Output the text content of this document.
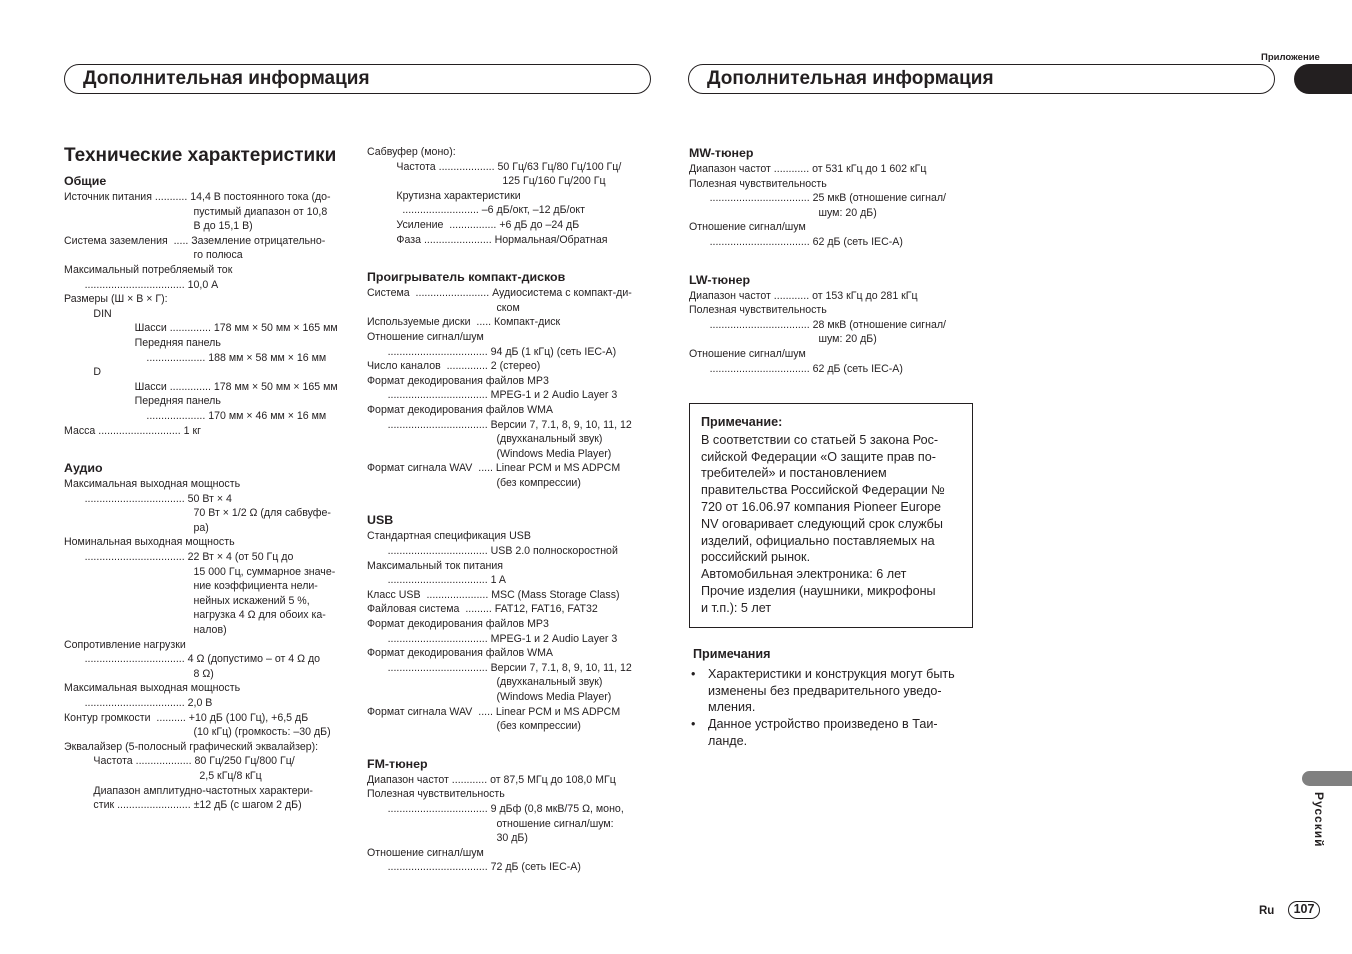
Приложение
Дополнительная информация	Дополнительная информация
Технические характеристики
Общие
Источник питания ........... 14,4 В постоянного тока (до-
пустимый диапазон от 10,8
В до 15,1 В)
Система заземления  ..... Заземление отрицательно-
го полюса
Максимальный потребляемый ток
.................................. 10,0 А
Размеры (Ш × В × Г):
DIN
Шасси .............. 178 мм × 50 мм × 165 мм
Передняя панель
.................... 188 мм × 58 мм × 16 мм
D
Шасси .............. 178 мм × 50 мм × 165 мм
Передняя панель
.................... 170 мм × 46 мм × 16 мм
Масса ............................ 1 кг
Аудио
Максимальная выходная мощность
.................................. 50 Вт × 4
70 Вт × 1/2 Ω (для сабвуфе-
ра)
Номинальная выходная мощность
.................................. 22 Вт × 4 (от 50 Гц до
15 000 Гц, суммарное значе-
ние коэффициента нели-
нейных искажений 5 %,
нагрузка 4 Ω для обоих ка-
налов)
Сопротивление нагрузки
.................................. 4 Ω (допустимо – от 4 Ω до
8 Ω)
Максимальная выходная мощность
.................................. 2,0 В
Контур громкости  .......... +10 дБ (100 Гц), +6,5 дБ
(10 кГц) (громкость: –30 дБ)
Эквалайзер (5-полосный графический эквалайзер):
Частота ................... 80 Гц/250 Гц/800 Гц/
2,5 кГц/8 кГц
Диапазон амплитудно-частотных характери-
стик ......................... ±12 дБ (с шагом 2 дБ)
Сабвуфер (моно):
Частота ................... 50 Гц/63 Гц/80 Гц/100 Гц/
125 Гц/160 Гц/200 Гц
Крутизна характеристики
.......................... –6 дБ/окт, –12 дБ/окт
Усиление  ................ +6 дБ до –24 дБ
Фаза ....................... Нормальная/Обратная
Проигрыватель компакт-дисков
Система  ......................... Аудиосистема с компакт-ди-
ском
Используемые диски  ..... Компакт-диск
Отношение сигнал/шум
.................................. 94 дБ (1 кГц) (сеть IEC-A)
Число каналов  .............. 2 (стерео)
Формат декодирования файлов MP3
.................................. MPEG-1 и 2 Audio Layer 3
Формат декодирования файлов WMA
.................................. Версии 7, 7.1, 8, 9, 10, 11, 12
(двухканальный звук)
(Windows Media Player)
Формат сигнала WAV  ..... Linear PCM и MS ADPCM
(без компрессии)
USB
Стандартная спецификация USB
.................................. USB 2.0 полноскоростной
Максимальный ток питания
.................................. 1 A
Класс USB  ..................... MSC (Mass Storage Class)
Файловая система  ......... FAT12, FAT16, FAT32
Формат декодирования файлов MP3
.................................. MPEG-1 и 2 Audio Layer 3
Формат декодирования файлов WMA
.................................. Версии 7, 7.1, 8, 9, 10, 11, 12
(двухканальный звук)
(Windows Media Player)
Формат сигнала WAV  ..... Linear PCM и MS ADPCM
(без компрессии)
FM-тюнер
Диапазон частот ............ от 87,5 МГц до 108,0 МГц
Полезная чувствительность
.................................. 9 дБф (0,8 мкВ/75 Ω, моно,
отношение сигнал/шум:
30 дБ)
Отношение сигнал/шум
.................................. 72 дБ (сеть IEC-A)
MW-тюнер
Диапазон частот ............ от 531 кГц до 1 602 кГц
Полезная чувствительность
.................................. 25 мкВ (отношение сигнал/
шум: 20 дБ)
Отношение сигнал/шум
.................................. 62 дБ (сеть IEC-A)
LW-тюнер
Диапазон частот ............ от 153 кГц до 281 кГц
Полезная чувствительность
.................................. 28 мкВ (отношение сигнал/
шум: 20 дБ)
Отношение сигнал/шум
.................................. 62 дБ (сеть IEC-A)
Примечание:
В соответствии со статьей 5 закона Рос-
сийской Федерации «О защите прав по-
требителей» и постановлением
правительства Российской Федерации №
720 от 16.06.97 компания Pioneer Europe
NV оговаривает следующий срок службы
изделий, официально поставляемых на
российский рынок.
Автомобильная электроника: 6 лет
Прочие изделия (наушники, микрофоны
и т.п.): 5 лет
Примечания
• Характеристики и конструкция могут быть
изменены без предварительного уведо-
мления.
• Данное устройство произведено в Таи-
ланде.
Русский
Ru	107
